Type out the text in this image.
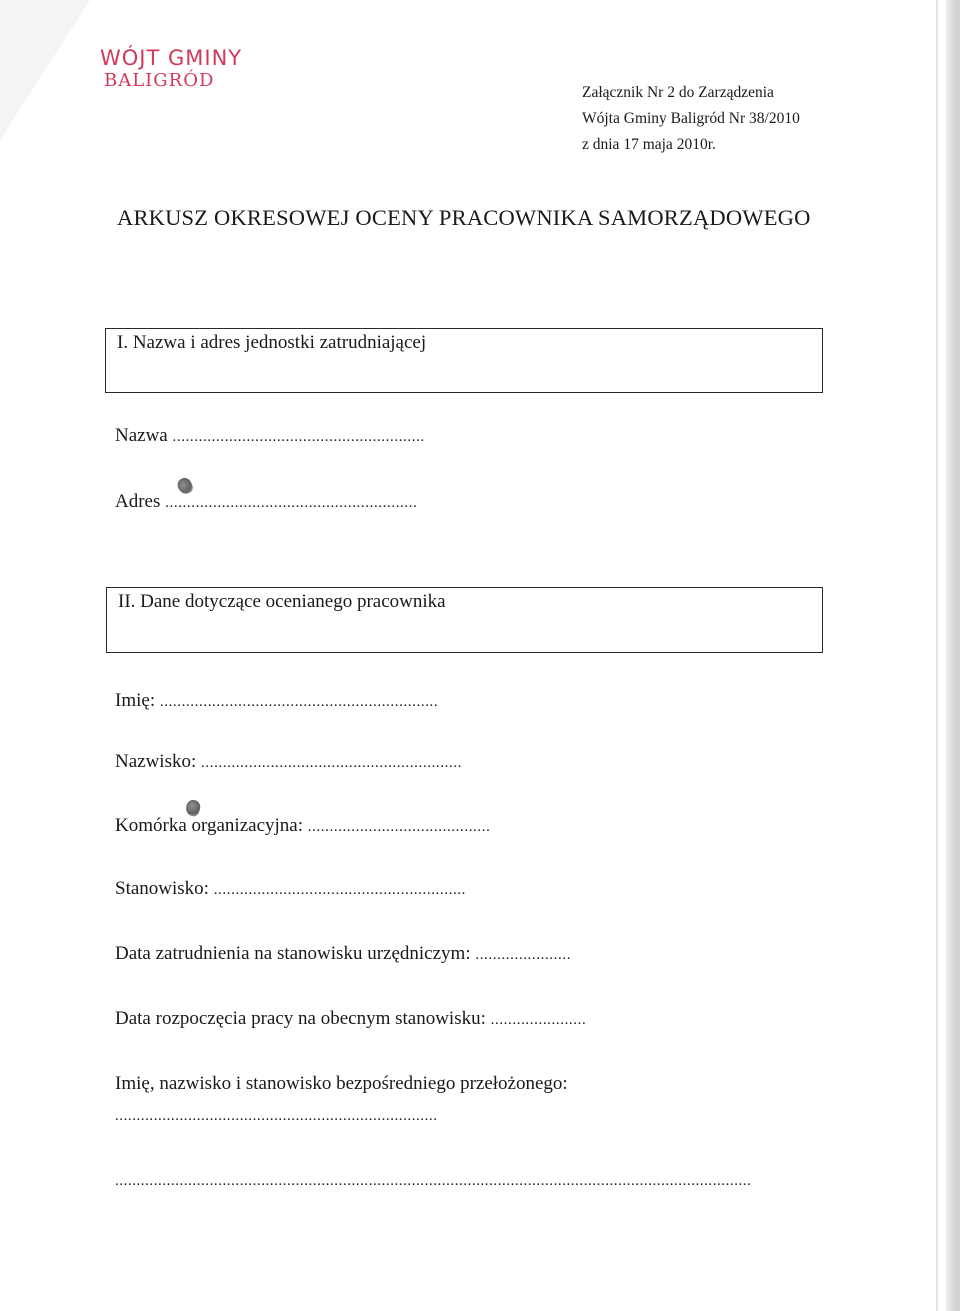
WÓJT GMINY
BALIGRÓD
Załącznik Nr 2 do Zarządzenia
Wójta Gminy Baligród Nr 38/2010
z dnia 17 maja 2010r.
ARKUSZ OKRESOWEJ OCENY PRACOWNIKA SAMORZĄDOWEGO
I. Nazwa i adres jednostki zatrudniającej
Nazwa ..........................................................
Adres ..........................................................
II. Dane dotyczące ocenianego pracownika
Imię: ................................................................
Nazwisko: ............................................................
Komórka organizacyjna: ..........................................
Stanowisko: ..........................................................
Data zatrudnienia na stanowisku urzędniczym: ......................
Data rozpoczęcia pracy na obecnym stanowisku: ......................
Imię, nazwisko i stanowisko bezpośredniego przełożonego:
...........................................................................
....................................................................................................................................................
